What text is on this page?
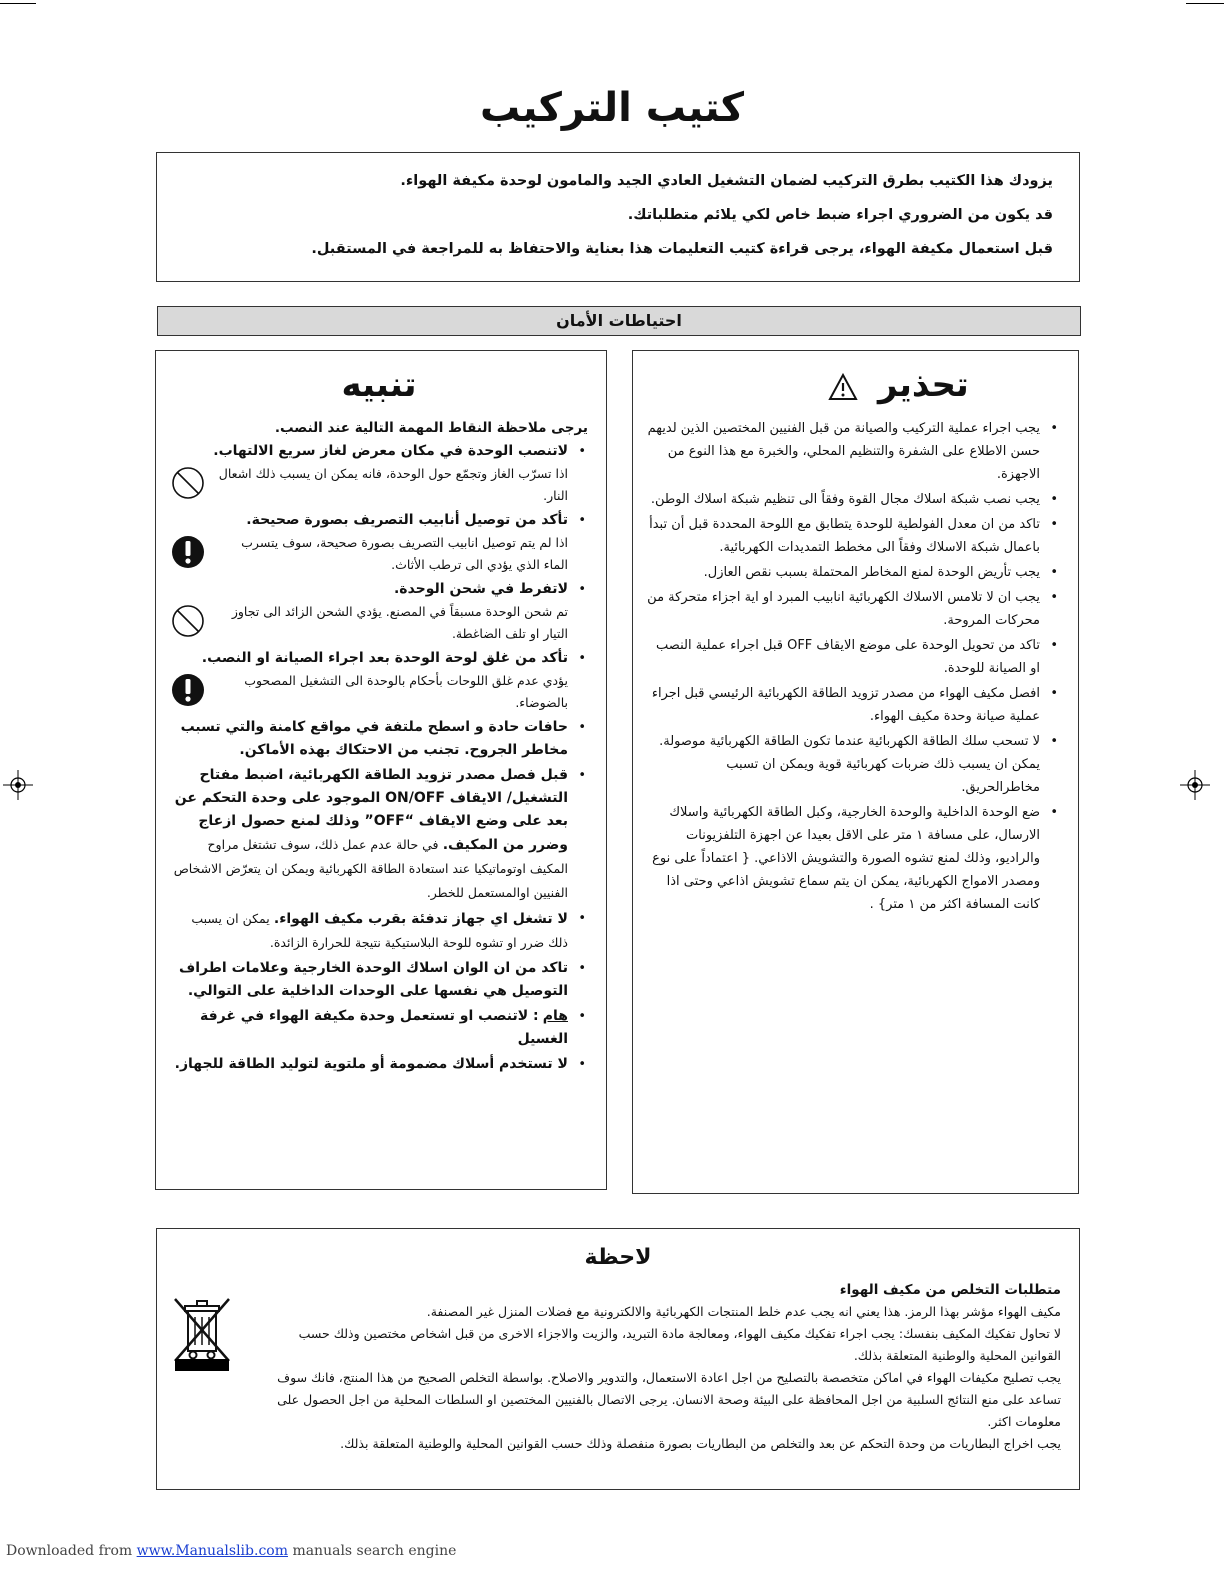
كتيب التركيب

يزودك هذا الكتيب بطرق التركيب لضمان التشغيل العادي الجيد والمامون لوحدة مكيفة الهواء.

قد يكون من الضروري اجراء ضبط خاص لكي يلائم متطلباتك.

قبل استعمال مكيفة الهواء، يرجى قراءة كتيب التعليمات هذا بعناية والاحتفاظ به للمراجعة في المستقبل.

احتياطات الأمان
تحذير
• يجب اجراء عملية التركيب والصيانة من قبل الفنيين المختصين الذين لديهم حسن الاطلاع على الشفرة والتنظيم المحلي، والخبرة مع هذا النوع من الاجهزة.
• يجب نصب شبكة اسلاك مجال القوة وفقاً الى تنظيم شبكة اسلاك الوطن.
• تاكد من ان معدل الفولطية للوحدة يتطابق مع اللوحة المحددة قبل أن تبدأ باعمال شبكة الاسلاك وفقاً الى مخطط التمديدات الكهربائية.
• يجب تأريض الوحدة لمنع المخاطر المحتملة بسبب نقص العازل.
• يجب ان لا تلامس الاسلاك الكهربائية انابيب المبرد او اية اجزاء متحركة من محركات المروحة.
• تاكد من تحويل الوحدة على موضع الايقاف OFF قبل اجراء عملية النصب او الصيانة للوحدة.
• افصل مكيف الهواء من مصدر تزويد الطاقة الكهربائية الرئيسي قبل اجراء عملية صيانة وحدة مكيف الهواء.
• لا تسحب سلك الطاقة الكهربائية عندما تكون الطاقة الكهربائية موصولة. يمكن ان يسبب ذلك ضربات كهربائية قوية ويمكن ان تسبب مخاطرالحريق.
• ضع الوحدة الداخلية والوحدة الخارجية، وكبل الطاقة الكهربائية واسلاك الارسال، على مسافة ١ متر على الاقل بعيدا عن اجهزة التلفزيونات والراديو، وذلك لمنع تشوه الصورة والتشويش الاذاعي. { اعتماداً على نوع ومصدر الامواج الكهربائية، يمكن ان يتم سماع تشويش اذاعي وحتى اذا كانت المسافة اكثر من ١ متر} .
تنبيه

يرجى ملاحظة النقاط المهمة التالية عند النصب.

• لاتنصب الوحدة في مكان معرض لغاز سريع الالتهاب.
اذا تسرّب الغاز وتجمّع حول الوحدة، فانه يمكن ان يسبب ذلك اشعال النار.
• تأكد من توصيل أنابيب التصريف بصورة صحيحة.
اذا لم يتم توصيل انابيب التصريف بصورة صحيحة، سوف يتسرب الماء الذي يؤدي الى ترطب الأثاث.
• لاتفرط في شحن الوحدة.
تم شحن الوحدة مسبقاً في المصنع. يؤدي الشحن الزائد الى تجاوز التيار او تلف الضاغطة.
• تأكد من غلق لوحة الوحدة بعد اجراء الصيانة او النصب.
يؤدي عدم غلق اللوحات بأحكام بالوحدة الى التشغيل المصحوب بالضوضاء.
• حافات حادة و اسطح ملتفة في مواقع كامنة والتي تسبب مخاطر الجروح. تجنب من الاحتكاك بهذه الأماكن.
• قبل فصل مصدر تزويد الطاقة الكهربائية، اضبط مفتاح التشغيل/ الايقاف ON/OFF الموجود على وحدة التحكم عن بعد على وضع الايقاف “OFF” وذلك لمنع حصول ازعاج وضرر من المكيف. في حالة عدم عمل ذلك، سوف تشتغل مراوح المكيف اوتوماتيكيا عند استعادة الطاقة الكهربائية ويمكن ان يتعرّض الاشخاص الفنيين اوالمستعمل للخطر.
• لا تشغل اي جهاز تدفئة بقرب مكيف الهواء. يمكن ان يسبب ذلك ضرر او تشوه للوحة البلاستيكية نتيجة للحرارة الزائدة.
• تاكد من ان الوان اسلاك الوحدة الخارجية وعلامات اطراف التوصيل هي نفسها على الوحدات الداخلية على التوالي.
• هام : لاتنصب او تستعمل وحدة مكيفة الهواء في غرفة الغسيل
• لا تستخدم أسلاك مضمومة أو ملتوية لتوليد الطاقة للجهاز.
لاحظة

متطلبات التخلص من مكيف الهواء

مكيف الهواء مؤشر بهذا الرمز. هذا يعني انه يجب عدم خلط المنتجات الكهربائية والالكترونية مع فضلات المنزل غير المصنفة.

لا تحاول تفكيك المكيف بنفسك: يجب اجراء تفكيك مكيف الهواء، ومعالجة مادة التبريد، والزيت والاجزاء الاخرى من قبل اشخاص مختصين وذلك حسب القوانين المحلية والوطنية المتعلقة بذلك.

يجب تصليح مكيفات الهواء في اماكن متخصصة بالتصليح من اجل اعادة الاستعمال، والتدوير والاصلاح. بواسطة التخلص الصحيح من هذا المنتج، فانك سوف تساعد على منع النتائج السلبية من اجل المحافظة على البيئة وصحة الانسان. يرجى الاتصال بالفنيين المختصين او السلطات المحلية من اجل الحصول على معلومات اكثر.

يجب اخراج البطاريات من وحدة التحكم عن بعد والتخلص من البطاريات بصورة منفصلة وذلك حسب القوانين المحلية والوطنية المتعلقة بذلك.

Downloaded from www.Manualslib.com manuals search engine
